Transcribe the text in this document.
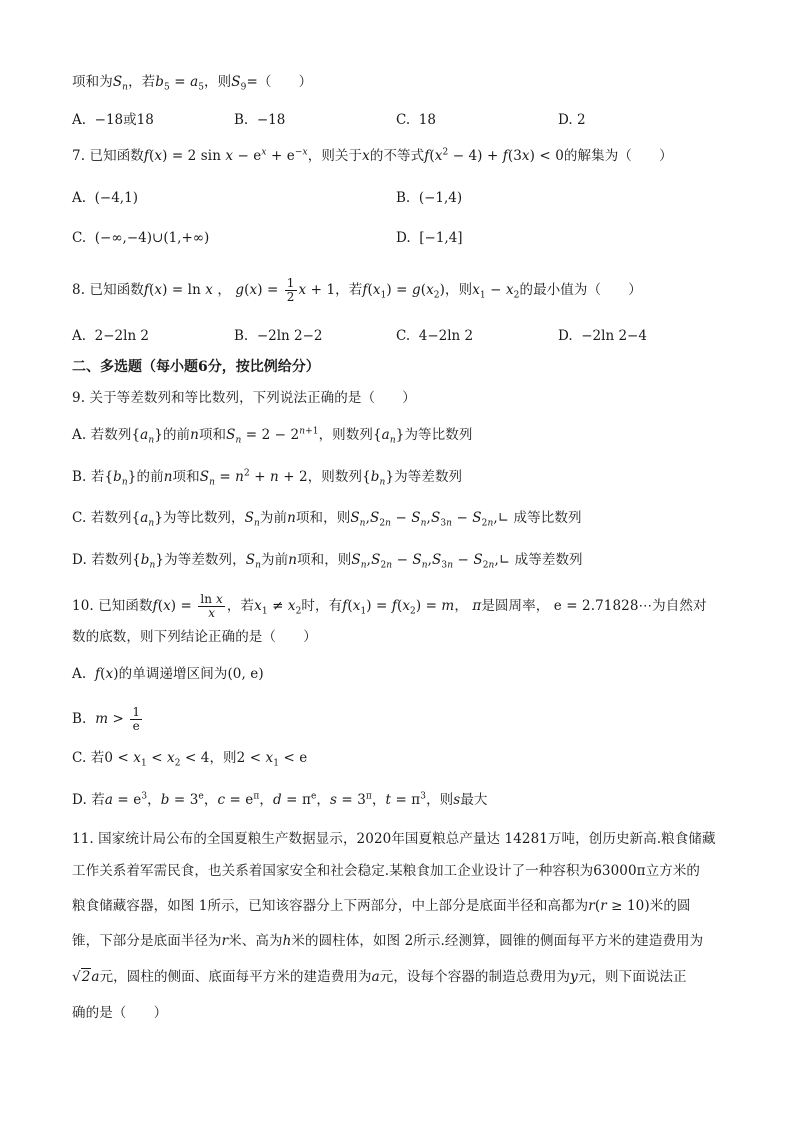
项和为$S_n$，若$b_5 = a_5$，则$S_9=$（　　）
A. −18或18	B. −18	C. 18	D. 2
7. 已知函数f(x) = 2 $\sin x - e^x + e^{-x}$，则关于x的不等式$f(x^2 - 4) + f(3x) < 0$的解集为（　　）
A. (−4,1)	B. (−1,4)
C. (−∞,−4)∪(1,+∞)	D. [−1,4]
8. 已知函数f(x) = ln x ， $g(x) = \frac{1}{2}$ x + 1，若$f(x_1) = g(x_2)$，则$x_1 - x_2$的最小值为（　　）
A. 2−2ln 2	B. −2ln 2−2	C. 4−2ln 2	D. −2ln 2−4
二、多选题（每小题6分，按比例给分）
9. 关于等差数列和等比数列，下列说法正确的是（　　）
A. 若数列$\{a_n\}$的前n项和$S_n = 2 - 2^{n+1}$，则数列$\{a_n\}$为等比数列
B. 若$\{b_n\}$的前n项和$S_n = n^2 + n + 2$，则数列$\{b_n\}$为等差数列
C. 若数列$\{a_n\}$为等比数列，$S_n$为前n项和，则$S_n,S_{2n} - S_n,S_{3n}$ − $S_{2n},∟$ 成等比数列
D. 若数列$\{b_n\}$为等差数列，$S_n$为前n项和，则$S_n,S_{2n} - S_n,S_{3n}$ − $S_{2n},∟$ 成等差数列
10. 已知函数$f(x) = \frac{\text{ln x}}{x}$ ，若$x_1 \ne x_2$时，有$f(x_1) = f(x_2) = m$， π是圆周率， e = 2.71828⋯为自然对
数的底数，则下列结论正确的是（　　）
A. f(x)的单调递增区间为(0, e)
B. $m > \frac{1}{e}$
C. 若$0 < x_1 < x_2 < 4$，则$2 < x_1 < e$
D. 若$a = e^3$，$b = 3^e$，$c = e^\pi$，$d = \pi^e$，$s = 3^\pi$，$t = \pi^3$，则s最大
11. 国家统计局公布的全国夏粮生产数据显示，2020年国夏粮总产量达 14281万吨，创历史新高.粮食储藏
工作关系着军需民食，也关系着国家安全和社会稳定.某粮食加工企业设计了一种容积为63000π立方米的
粮食储藏容器，如图 1所示，已知该容器分上下两部分，中上部分是底面半径和高都为r(r ≥ 10)米的圆
锥，下部分是底面半径为r米、高为h米的圆柱体，如图 2所示.经测算，圆锥的侧面每平方米的建造费用为
√2a元，圆柱的侧面、底面每平方米的建造费用为a元，设每个容器的制造总费用为y元，则下面说法正
确的是（　　）
